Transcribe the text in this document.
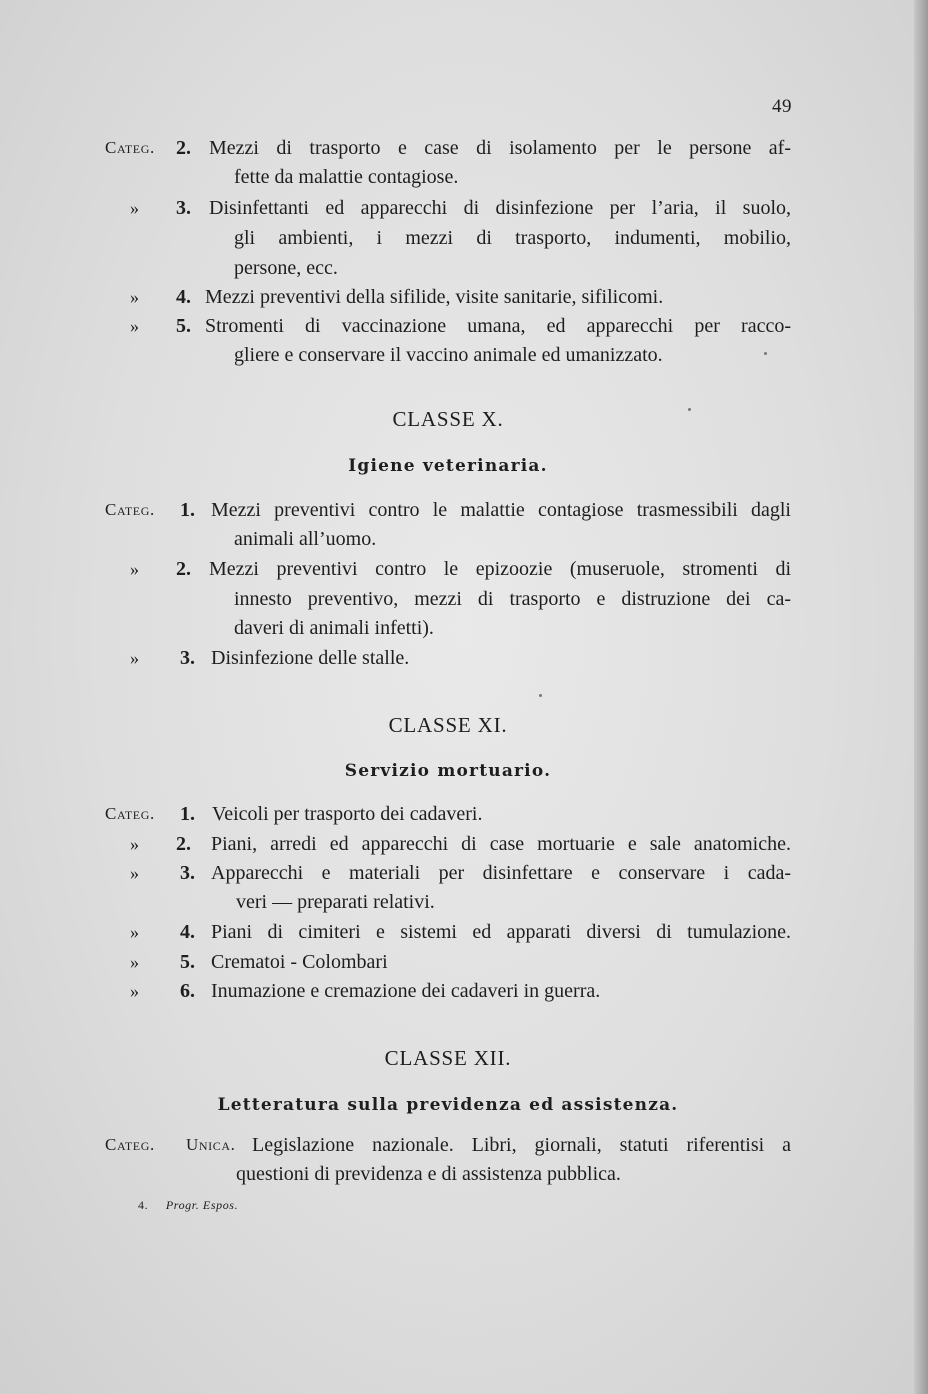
49
Categ.	2. Mezzi di trasporto e case di isolamento per le persone af-
fette da malattie contagiose.
»	3. Disinfettanti ed apparecchi di disinfezione per l’aria, il suolo,
gli ambienti, i mezzi di trasporto, indumenti, mobilio,
persone, ecc.
»	4. Mezzi preventivi della sifilide, visite sanitarie, sifilicomi.
»	5. Stromenti di vaccinazione umana, ed apparecchi per racco-
gliere e conservare il vaccino animale ed umanizzato.
CLASSE X.
Igiene veterinaria.
Categ.	1. Mezzi preventivi contro le malattie contagiose trasmessibili dagli
animali all’uomo.
»	2. Mezzi preventivi contro le epizoozie (museruole, stromenti di
innesto preventivo, mezzi di trasporto e distruzione dei ca-
daveri di animali infetti).
»	3. Disinfezione delle stalle.
CLASSE XI.
Servizio mortuario.
Categ.	1. Veicoli per trasporto dei cadaveri.
»	2.	Piani, arredi ed apparecchi di case mortuarie e sale anatomiche.
»	3. Apparecchi e materiali per disinfettare e conservare i cada-
veri — preparati relativi.
»	4. Piani di cimiteri e sistemi ed apparati diversi di tumulazione.
»	5. Crematoi - Colombari
»	6. Inumazione e cremazione dei cadaveri in guerra.
CLASSE XII.
Letteratura sulla previdenza ed assistenza.
Categ.	Unica. Legislazione nazionale. Libri, giornali, statuti riferentisi a
questioni di previdenza e di assistenza pubblica.
4. Progr. Espos.
